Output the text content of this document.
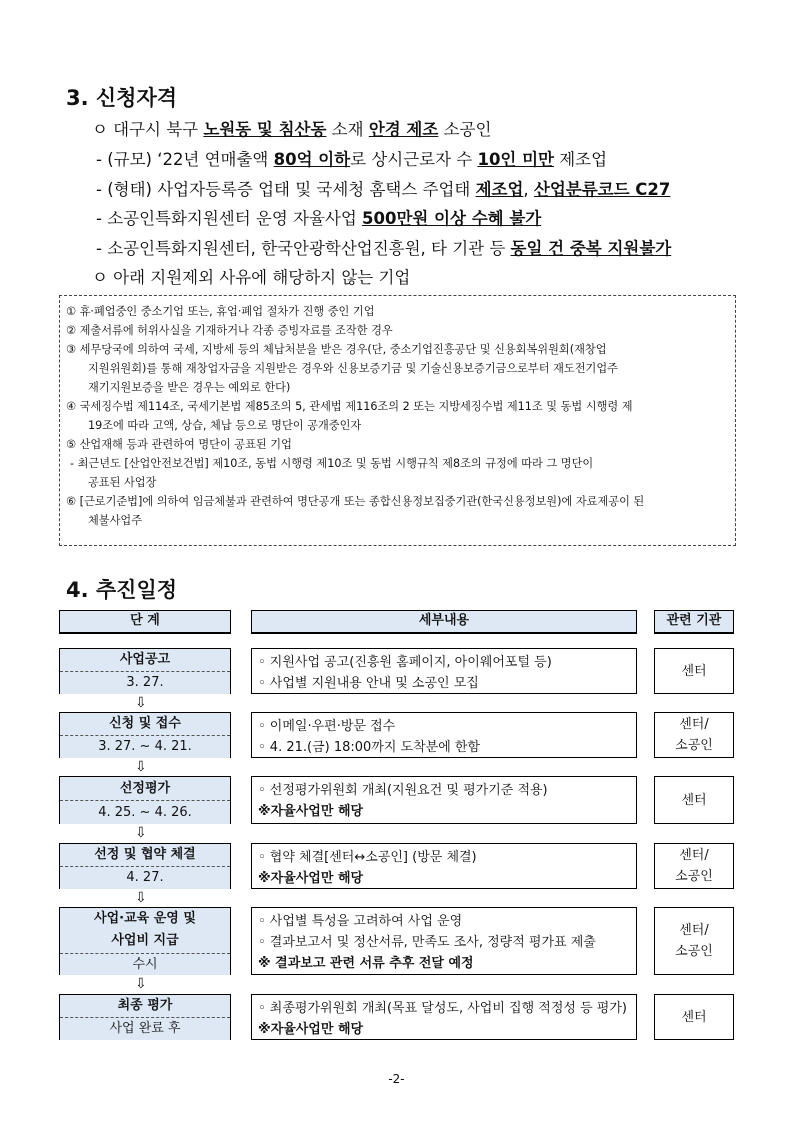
3. 신청자격
ㅇ 대구시 북구 노원동 및 침산동 소재 안경 제조 소공인
- (규모) ‘22년 연매출액 80억 이하로 상시근로자 수 10인 미만 제조업
- (형태) 사업자등록증 업태 및 국세청 홈택스 주업태 제조업, 산업분류코드 C27
- 소공인특화지원센터 운영 자율사업 500만원 이상 수혜 불가
- 소공인특화지원센터, 한국안광학산업진흥원, 타 기관 등 동일 건 중복 지원불가
ㅇ 아래 지원제외 사유에 해당하지 않는 기업
① 휴·폐업중인 중소기업 또는, 휴업·폐업 절차가 진행 중인 기업
② 제출서류에 허위사실을 기재하거나 각종 증빙자료를 조작한 경우
③ 세무당국에 의하여 국세, 지방세 등의 체납처분을 받은 경우(단, 중소기업진흥공단 및 신용회복위원회(재창업
지원위원회)를 통해 재창업자금을 지원받은 경우와 신용보증기금 및 기술신용보증기금으로부터 재도전기업주
재기지원보증을 받은 경우는 예외로 한다)
④ 국세징수법 제114조, 국세기본법 제85조의 5, 관세법 제116조의 2 또는 지방세징수법 제11조 및 동법 시행령 제
19조에 따라 고액, 상습, 체납 등으로 명단이 공개중인자
⑤ 산업재해 등과 관련하여 명단이 공표된 기업
- 최근년도 [산업안전보건법] 제10조, 동법 시행령 제10조 및 동법 시행규칙 제8조의 규정에 따라 그 명단이
공표된 사업장
⑥ [근로기준법]에 의하여 임금체불과 관련하여 명단공개 또는 종합신용정보집중기관(한국신용정보원)에 자료제공이 된
체불사업주
4. 추진일정
단 계	세부내용	관련 기관
사업공고
3. 27.
◦ 지원사업 공고(진흥원 홈페이지, 아이웨어포털 등)
◦ 사업별 지원내용 안내 및 소공인 모집
센터
⇩
신청 및 접수
3. 27. ~ 4. 21.
◦ 이메일·우편·방문 접수
◦ 4. 21.(금) 18:00까지 도착분에 한함
센터/
소공인
⇩
선정평가
4. 25. ~ 4. 26.
◦ 선정평가위원회 개최(지원요건 및 평가기준 적용)
※자율사업만 해당
센터
⇩
선정 및 협약 체결
4. 27.
◦ 협약 체결[센터↔소공인] (방문 체결)
※자율사업만 해당
센터/
소공인
⇩
사업·교육 운영 및
사업비 지급
수시
◦ 사업별 특성을 고려하여 사업 운영
◦ 결과보고서 및 정산서류, 만족도 조사, 정량적 평가표 제출
※ 결과보고 관련 서류 추후 전달 예정
센터/
소공인
⇩
최종 평가
사업 완료 후
◦ 최종평가위원회 개최(목표 달성도, 사업비 집행 적정성 등 평가)
※자율사업만 해당
센터
-2-
